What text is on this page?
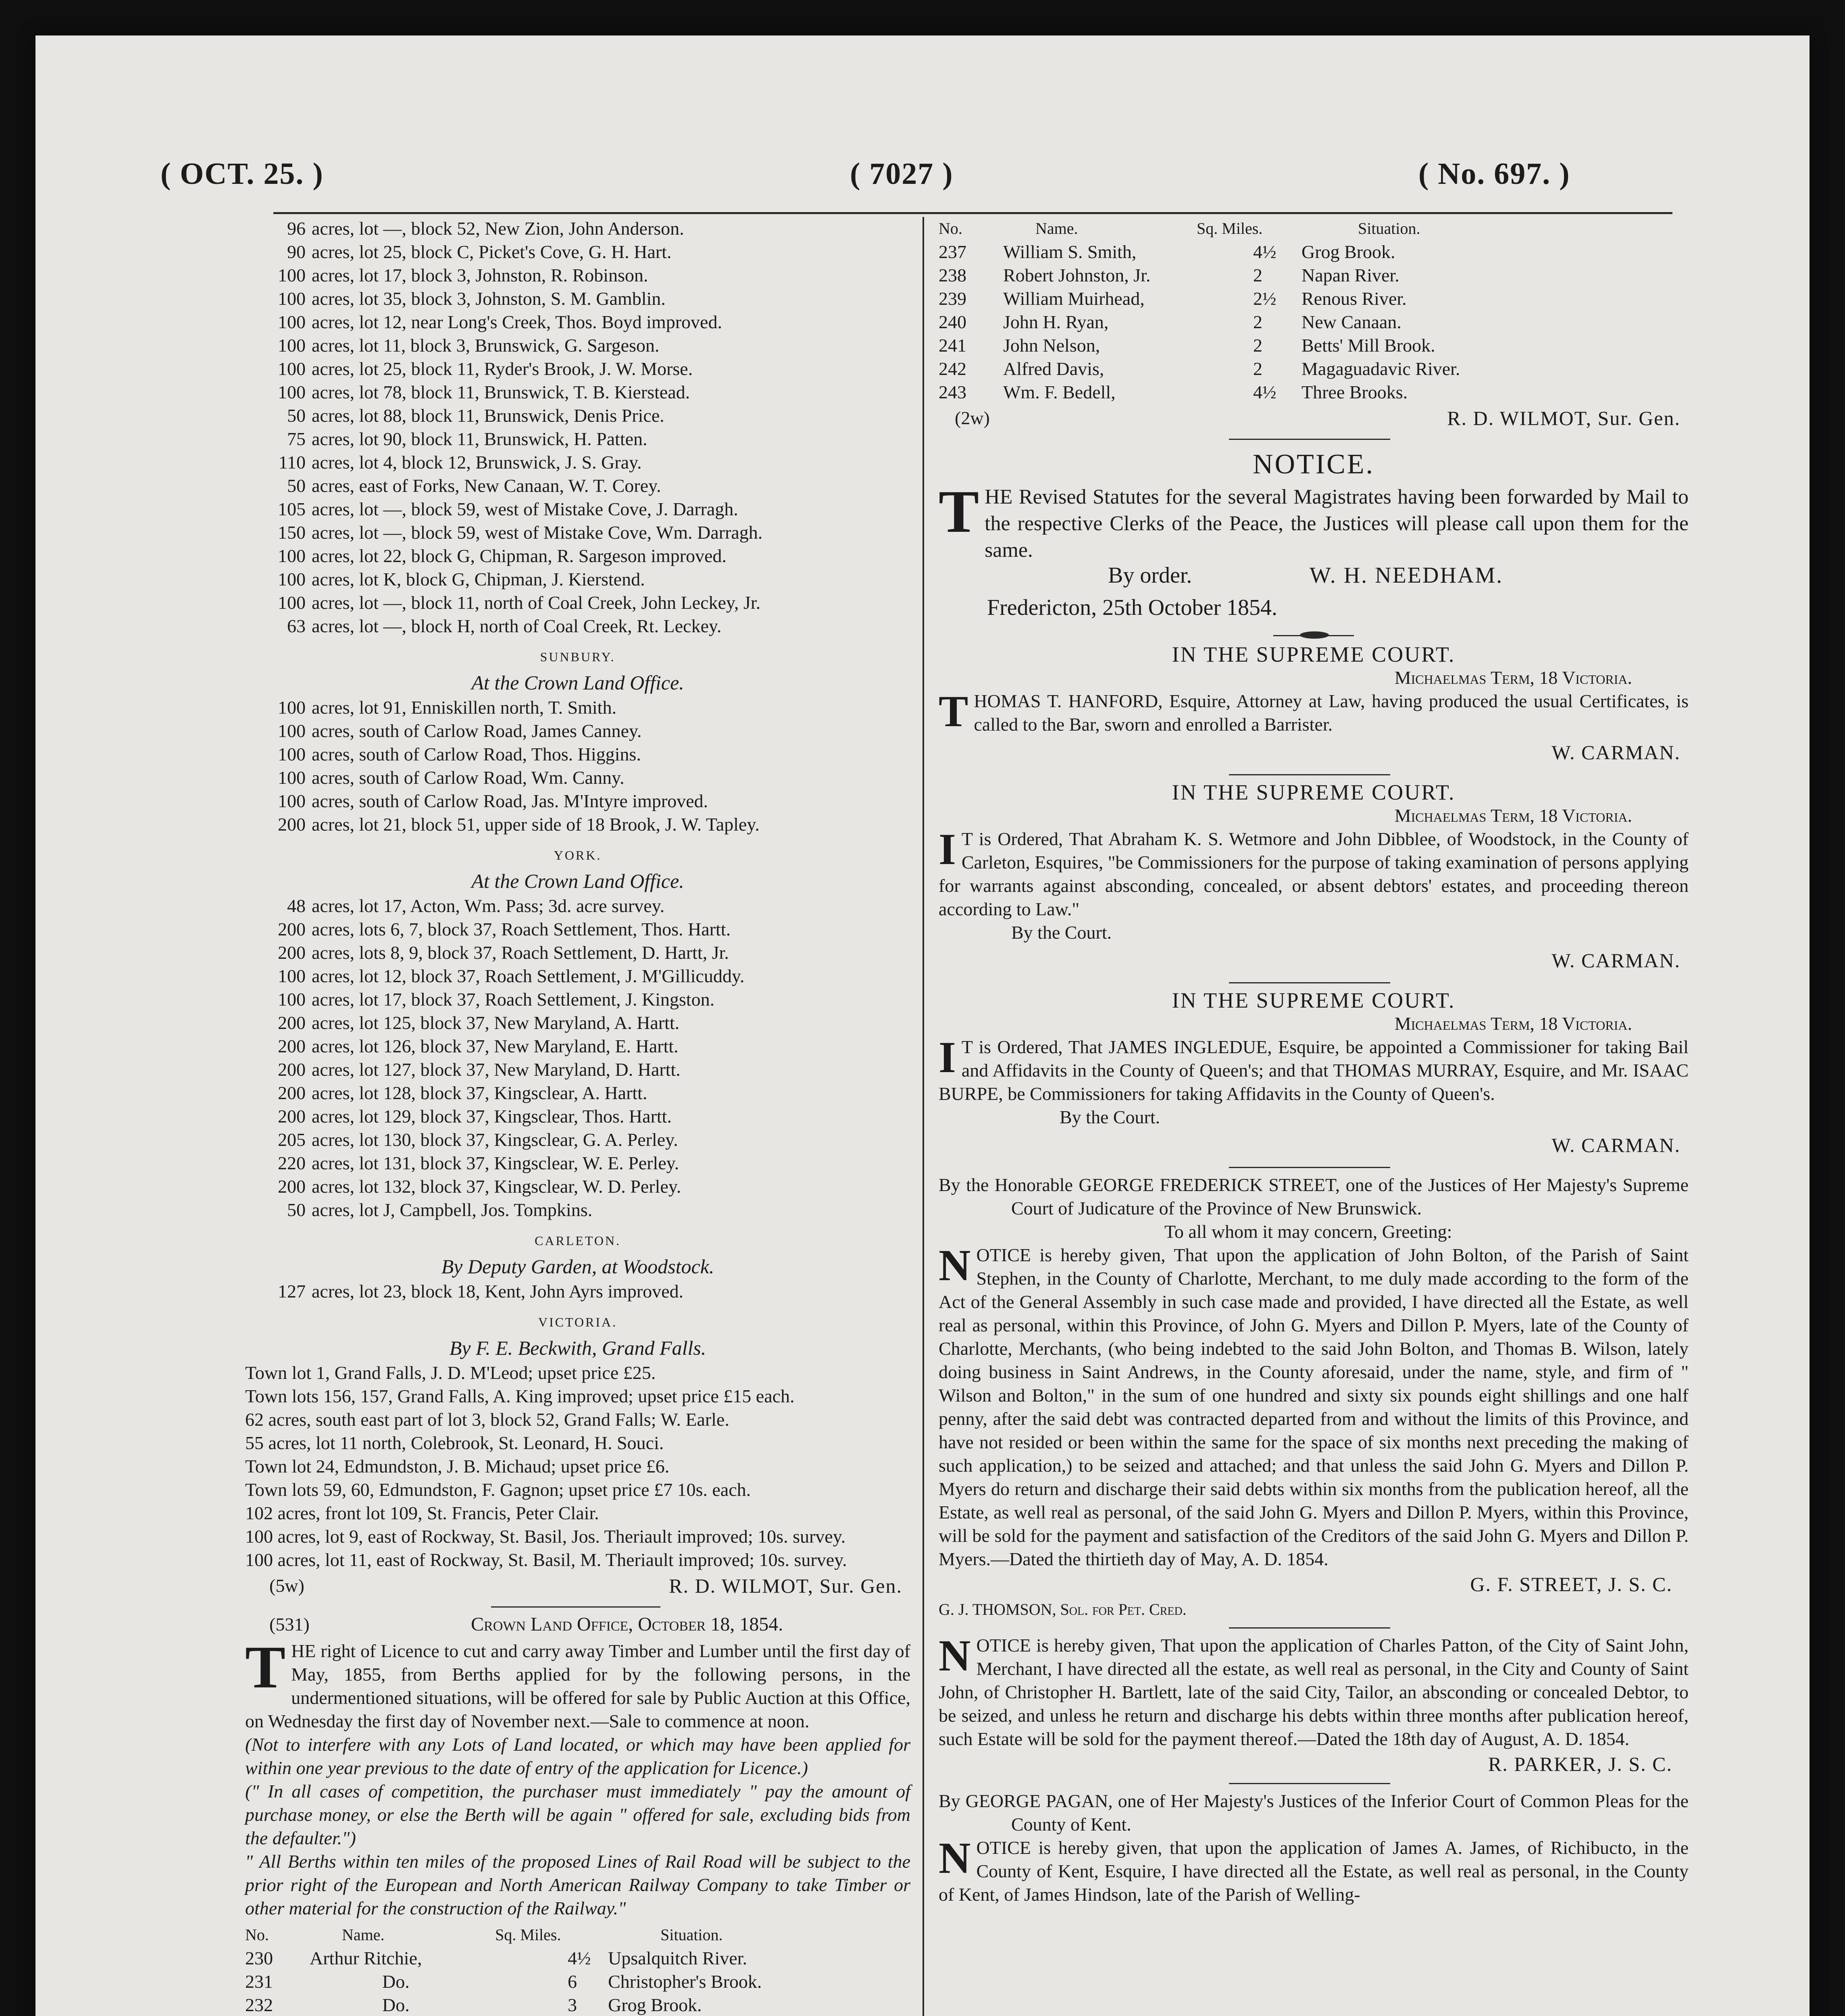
( OCT. 25. )	( 7027 )	( No. 697. )
96 acres, lot —, block 52, New Zion, John Anderson.
90 acres, lot 25, block C, Picket's Cove, G. H. Hart.
100 acres, lot 17, block 3, Johnston, R. Robinson.
100 acres, lot 35, block 3, Johnston, S. M. Gamblin.
100 acres, lot 12, near Long's Creek, Thos. Boyd improved.
100 acres, lot 11, block 3, Brunswick, G. Sargeson.
100 acres, lot 25, block 11, Ryder's Brook, J. W. Morse.
100 acres, lot 78, block 11, Brunswick, T. B. Kierstead.
50 acres, lot 88, block 11, Brunswick, Denis Price.
75 acres, lot 90, block 11, Brunswick, H. Patten.
110 acres, lot 4, block 12, Brunswick, J. S. Gray.
50 acres, east of Forks, New Canaan, W. T. Corey.
105 acres, lot —, block 59, west of Mistake Cove, J. Darragh.
150 acres, lot —, block 59, west of Mistake Cove, Wm. Darragh.
100 acres, lot 22, block G, Chipman, R. Sargeson improved.
100 acres, lot K, block G, Chipman, J. Kierstend.
100 acres, lot —, block 11, north of Coal Creek, John Leckey, Jr.
63 acres, lot —, block H, north of Coal Creek, Rt. Leckey.
SUNBURY.
At the Crown Land Office.
100 acres, lot 91, Enniskillen north, T. Smith.
100 acres, south of Carlow Road, James Canney.
100 acres, south of Carlow Road, Thos. Higgins.
100 acres, south of Carlow Road, Wm. Canny.
100 acres, south of Carlow Road, Jas. M'Intyre improved.
200 acres, lot 21, block 51, upper side of 18 Brook, J. W. Tapley.
YORK.
At the Crown Land Office.
48 acres, lot 17, Acton, Wm. Pass; 3d. acre survey.
200 acres, lots 6, 7, block 37, Roach Settlement, Thos. Hartt.
200 acres, lots 8, 9, block 37, Roach Settlement, D. Hartt, Jr.
100 acres, lot 12, block 37, Roach Settlement, J. M'Gillicuddy.
100 acres, lot 17, block 37, Roach Settlement, J. Kingston.
200 acres, lot 125, block 37, New Maryland, A. Hartt.
200 acres, lot 126, block 37, New Maryland, E. Hartt.
200 acres, lot 127, block 37, New Maryland, D. Hartt.
200 acres, lot 128, block 37, Kingsclear, A. Hartt.
200 acres, lot 129, block 37, Kingsclear, Thos. Hartt.
205 acres, lot 130, block 37, Kingsclear, G. A. Perley.
220 acres, lot 131, block 37, Kingsclear, W. E. Perley.
200 acres, lot 132, block 37, Kingsclear, W. D. Perley.
50 acres, lot J, Campbell, Jos. Tompkins.
CARLETON.
By Deputy Garden, at Woodstock.
127 acres, lot 23, block 18, Kent, John Ayrs improved.
VICTORIA.
By F. E. Beckwith, Grand Falls.
Town lot 1, Grand Falls, J. D. M'Leod; upset price £25.
Town lots 156, 157, Grand Falls, A. King improved; upset price £15 each.
62 acres, south east part of lot 3, block 52, Grand Falls; W. Earle.
55 acres, lot 11 north, Colebrook, St. Leonard, H. Souci.
Town lot 24, Edmundston, J. B. Michaud; upset price £6.
Town lots 59, 60, Edmundston, F. Gagnon; upset price £7 10s. each.
102 acres, front lot 109, St. Francis, Peter Clair.
100 acres, lot 9, east of Rockway, St. Basil, Jos. Theriault improved; 10s. survey.
100 acres, lot 11, east of Rockway, St. Basil, M. Theriault improved; 10s. survey.
(5w)	R. D. WILMOT, Sur. Gen.
(531)	Crown Land Office, October 18, 1854.
THE right of Licence to cut and carry away Timber and Lumber until the first day of May, 1855, from Berths applied for by the following persons, in the undermentioned situations, will be offered for sale by Public Auction at this Office, on Wednesday the first day of November next.—Sale to commence at noon.
(Not to interfere with any Lots of Land located, or which may have been applied for within one year previous to the date of entry of the application for Licence.)
(" In all cases of competition, the purchaser must immediately " pay the amount of purchase money, or else the Berth will be again " offered for sale, excluding bids from the defaulter.")
" All Berths within ten miles of the proposed Lines of Rail Road will be subject to the prior right of the European and North American Railway Company to take Timber or other material for the construction of the Railway."
No.	Name.	Sq. Miles.	Situation.
230 Arthur Ritchie,	4½ Upsalquitch River.
231	Do.	6 Christopher's Brook.
232	Do.	3 Grog Brook.
No.	Name.	Sq. Miles.	Situation.
237 William S. Smith,	4½ Grog Brook.
238 Robert Johnston, Jr.	2 Napan River.
239 William Muirhead,	2½ Renous River.
240 John H. Ryan,	2 New Canaan.
241 John Nelson,	2 Betts' Mill Brook.
242 Alfred Davis,	2 Magaguadavic River.
243 Wm. F. Bedell,	4½ Three Brooks.
(2w)	R. D. WILMOT, Sur. Gen.
NOTICE.
THE Revised Statutes for the several Magistrates having been forwarded by Mail to the respective Clerks of the Peace, the Justices will please call upon them for the same.
By order.	W. H. NEEDHAM.
Fredericton, 25th October 1854.
IN THE SUPREME COURT.
Michaelmas Term, 18 Victoria.
THOMAS T. HANFORD, Esquire, Attorney at Law, having produced the usual Certificates, is called to the Bar, sworn and enrolled a Barrister.
W. CARMAN.
IN THE SUPREME COURT.
Michaelmas Term, 18 Victoria.
I T is Ordered, That Abraham K. S. Wetmore and John Dibblee, of Woodstock, in the County of Carleton, Esquires, "be Commissioners for the purpose of taking examination of persons applying for warrants against absconding, concealed, or absent debtors' estates, and proceeding thereon according to Law."
By the Court.
W. CARMAN.
IN THE SUPREME COURT.
Michaelmas Term, 18 Victoria.
I T is Ordered, That JAMES INGLEDUE, Esquire, be appointed a Commissioner for taking Bail and Affidavits in the County of Queen's; and that THOMAS MURRAY, Esquire, and Mr. ISAAC BURPE, be Commissioners for taking Affidavits in the County of Queen's.
By the Court.
W. CARMAN.
By the Honorable GEORGE FREDERICK STREET, one of the Justices of Her Majesty's Supreme Court of Judicature of the Province of New Brunswick.
To all whom it may concern, Greeting:
NOTICE is hereby given, That upon the application of John Bolton, of the Parish of Saint Stephen, in the County of Charlotte, Merchant, to me duly made according to the form of the Act of the General Assembly in such case made and provided, I have directed all the Estate, as well real as personal, within this Province, of John G. Myers and Dillon P. Myers, late of the County of Charlotte, Merchants, (who being indebted to the said John Bolton, and Thomas B. Wilson, lately doing business in Saint Andrews, in the County aforesaid, under the name, style, and firm of " Wilson and Bolton," in the sum of one hundred and sixty six pounds eight shillings and one half penny, after the said debt was contracted departed from and without the limits of this Province, and have not resided or been within the same for the space of six months next preceding the making of such application,) to be seized and attached; and that unless the said John G. Myers and Dillon P. Myers do return and discharge their said debts within six months from the publication hereof, all the Estate, as well real as personal, of the said John G. Myers and Dillon P. Myers, within this Province, will be sold for the payment and satisfaction of the Creditors of the said John G. Myers and Dillon P. Myers.—Dated the thirtieth day of May, A. D. 1854.
G. F. STREET, J. S. C.
G. J. THOMSON, Sol. for Pet. Cred.
NOTICE is hereby given, That upon the application of Charles Patton, of the City of Saint John, Merchant, I have directed all the estate, as well real as personal, in the City and County of Saint John, of Christopher H. Bartlett, late of the said City, Tailor, an absconding or concealed Debtor, to be seized, and unless he return and discharge his debts within three months after publication hereof, such Estate will be sold for the payment thereof.—Dated the 18th day of August, A. D. 1854.
R. PARKER, J. S. C.
By GEORGE PAGAN, one of Her Majesty's Justices of the Inferior Court of Common Pleas for the County of Kent.
NOTICE is hereby given, that upon the application of James A. James, of Richibucto, in the County of Kent, Esquire, I have directed all the Estate, as well real as personal, in the County of Kent, of James Hindson, late of the Parish of Welling-
